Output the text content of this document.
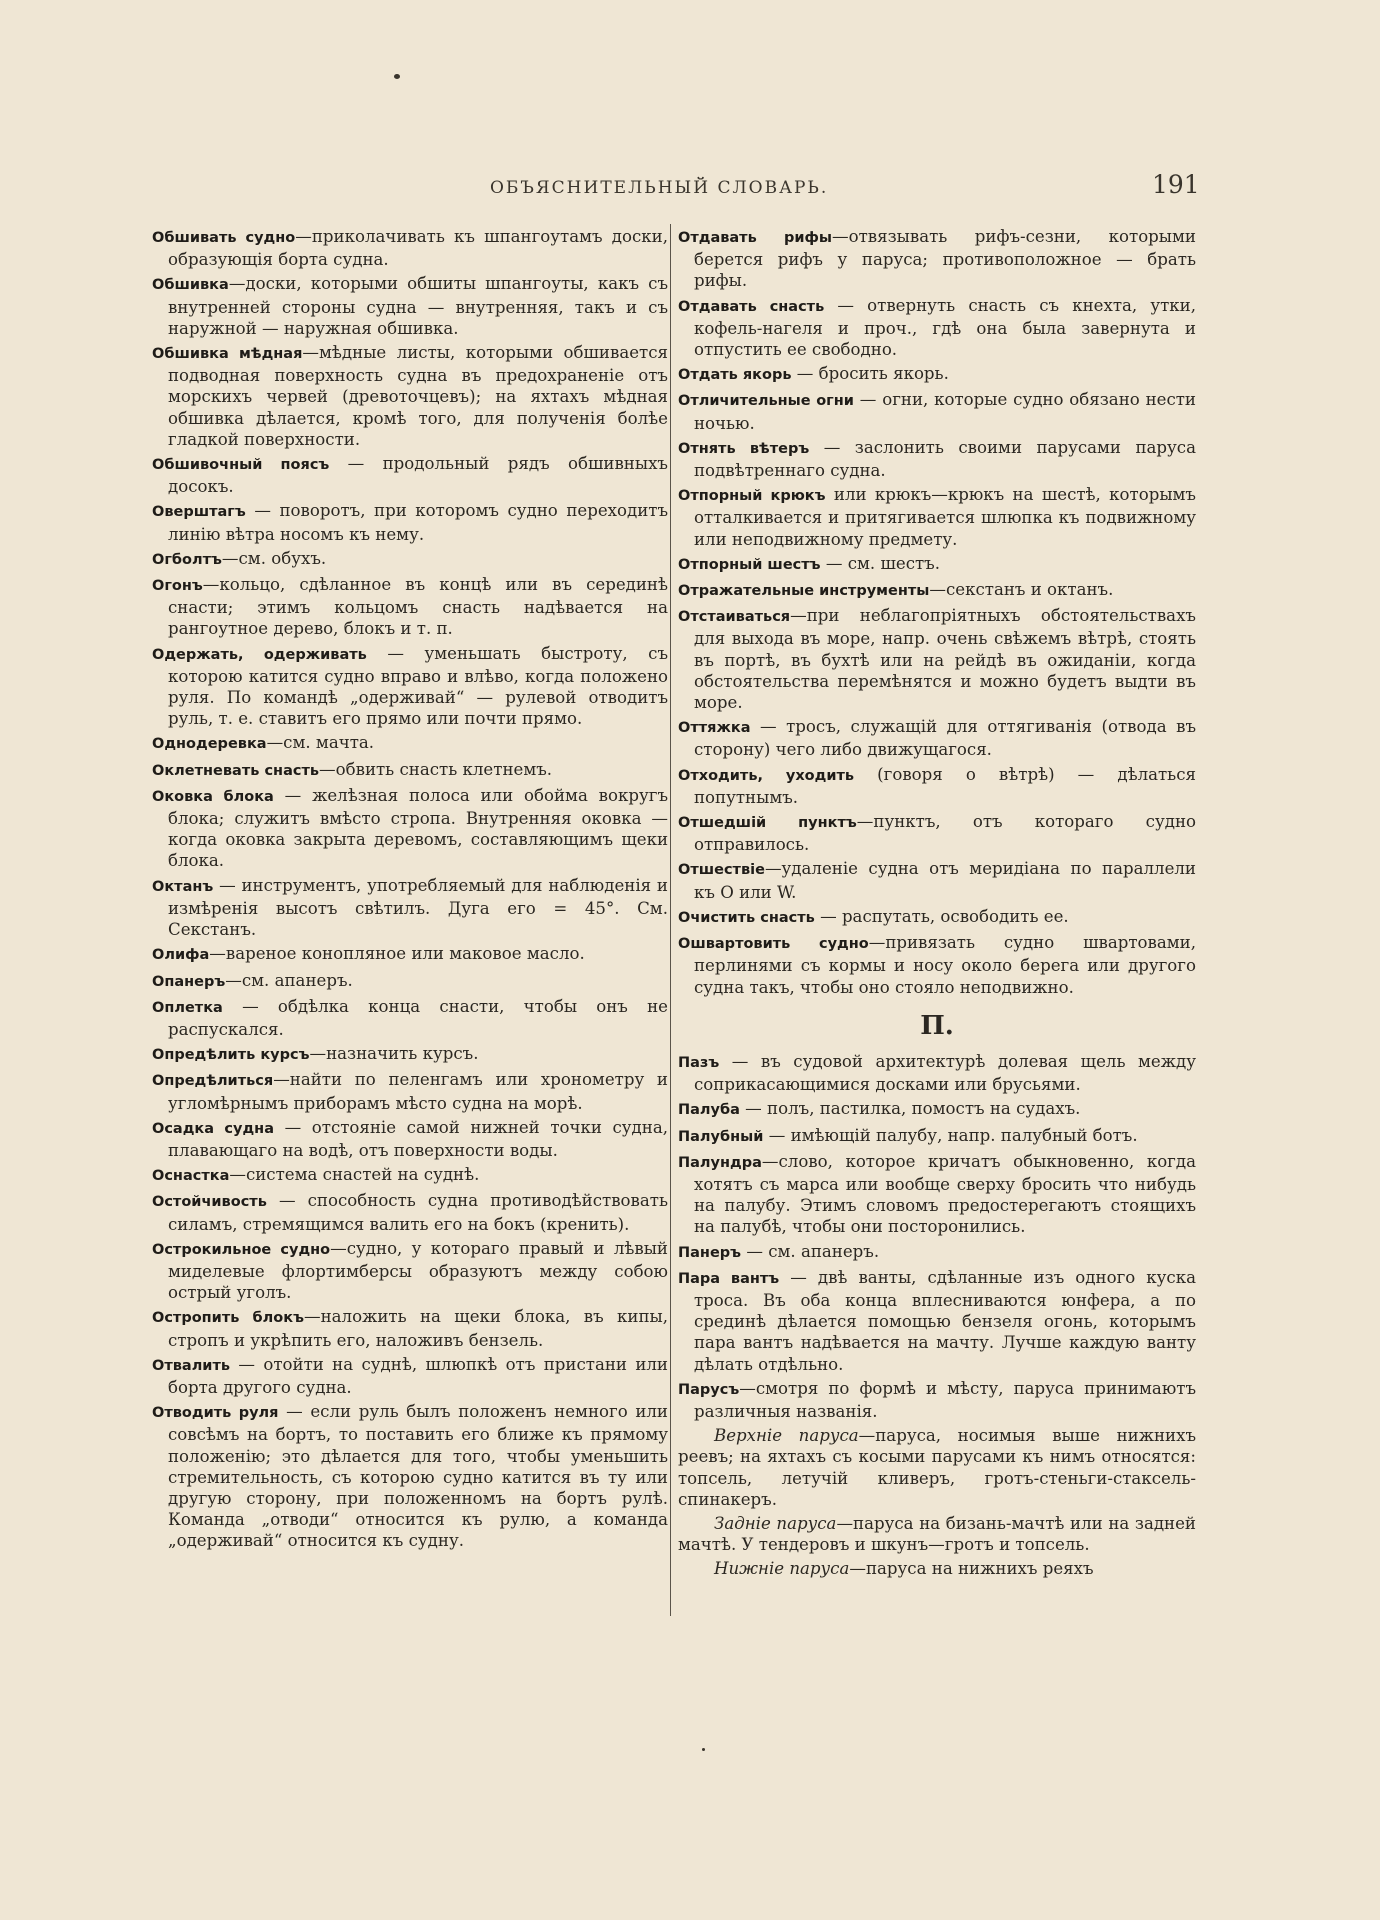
ОБЪЯСНИТЕЛЬНЫЙ СЛОВАРЬ.	191

Обшивать судно—приколачивать къ шпангоутамъ доски, образующія борта судна.

Обшивка—доски, которыми обшиты шпангоуты, какъ съ внутренней стороны судна — внутренняя, такъ и съ наружной — наружная обшивка.

Обшивка мѣдная—мѣдные листы, которыми обшивается подводная поверхность судна въ предохраненіе отъ морскихъ червей (древоточцевъ); на яхтахъ мѣдная обшивка дѣлается, кромѣ того, для полученія болѣе гладкой поверхности.

Обшивочный поясъ — продольный рядъ обшивныхъ досокъ.

Оверштагъ — поворотъ, при которомъ судно переходитъ линію вѣтра носомъ къ нему.

Огболтъ—см. обухъ.

Огонъ—кольцо, сдѣланное въ концѣ или въ серединѣ снасти; этимъ кольцомъ снасть надѣвается на рангоутное дерево, блокъ и т. п.

Одержать, одерживать — уменьшать быстроту, съ которою катится судно вправо и влѣво, когда положено руля. По командѣ „одерживай“ — рулевой отводитъ руль, т. е. ставитъ его прямо или почти прямо.

Однодеревка—см. мачта.

Оклетневать снасть—обвить снасть клетнемъ.

Оковка блока — желѣзная полоса или обойма вокругъ блока; служитъ вмѣсто стропа. Внутренняя оковка — когда оковка закрыта деревомъ, составляющимъ щеки блока.

Октанъ — инструментъ, употребляемый для наблюденія и измѣренія высотъ свѣтилъ. Дуга его = 45°. См. Секстанъ.

Олифа—вареное конопляное или маковое масло.

Опанеръ—см. апанеръ.

Оплетка — обдѣлка конца снасти, чтобы онъ не распускался.

Опредѣлить курсъ—назначить курсъ.

Опредѣлиться—найти по пеленгамъ или хронометру и угломѣрнымъ приборамъ мѣсто судна на морѣ.

Осадка судна — отстояніе самой нижней точки судна, плавающаго на водѣ, отъ поверхности воды.

Оснастка—система снастей на суднѣ.

Остойчивость — способность судна противодѣйствовать силамъ, стремящимся валить его на бокъ (кренить).

Острокильное судно—судно, у котораго правый и лѣвый миделевые флортимберсы образуютъ между собою острый уголъ.

Остропить блокъ—наложить на щеки блока, въ кипы, стропъ и укрѣпить его, наложивъ бензель.

Отвалить — отойти на суднѣ, шлюпкѣ отъ пристани или борта другого судна.

Отводить руля — если руль былъ положенъ немного или совсѣмъ на бортъ, то поставить его ближе къ прямому положенію; это дѣлается для того, чтобы уменьшить стремительность, съ которою судно катится въ ту или другую сторону, при положенномъ на бортъ рулѣ. Команда „отводи“ относится къ рулю, а команда „одерживай“ относится къ судну.

Отдавать рифы—отвязывать рифъ-сезни, которыми берется рифъ у паруса; противоположное — брать рифы.

Отдавать снасть — отвернуть снасть съ кнехта, утки, кофель-нагеля и проч., гдѣ она была завернута и отпустить ее свободно.

Отдать якорь — бросить якорь.

Отличительные огни — огни, которые судно обязано нести ночью.

Отнять вѣтеръ — заслонить своими парусами паруса подвѣтреннаго судна.

Отпорный крюкъ или крюкъ—крюкъ на шестѣ, которымъ отталкивается и притягивается шлюпка къ подвижному или неподвижному предмету.

Отпорный шестъ — см. шестъ.

Отражательные инструменты—секстанъ и октанъ.

Отстаиваться—при неблагопріятныхъ обстоятельствахъ для выхода въ море, напр. очень свѣжемъ вѣтрѣ, стоять въ портѣ, въ бухтѣ или на рейдѣ въ ожиданіи, когда обстоятельства перемѣнятся и можно будетъ выдти въ море.

Оттяжка — тросъ, служащій для оттягиванія (отвода въ сторону) чего либо движущагося.

Отходить, уходить (говоря о вѣтрѣ) — дѣлаться попутнымъ.

Отшедшій пунктъ—пунктъ, отъ котораго судно отправилось.

Отшествіе—удаленіе судна отъ меридіана по параллели къ O или W.

Очистить снасть — распутать, освободить ее.

Ошвартовить судно—привязать судно швартовами, перлинями съ кормы и носу около берега или другого судна такъ, чтобы оно стояло неподвижно.

П.

Пазъ — въ судовой архитектурѣ долевая щель между соприкасающимися досками или брусьями.

Палуба — полъ, пастилка, помостъ на судахъ.

Палубный — имѣющій палубу, напр. палубный ботъ.

Палундра—слово, которое кричатъ обыкновенно, когда хотятъ съ марса или вообще сверху бросить что нибудь на палубу. Этимъ словомъ предостерегаютъ стоящихъ на палубѣ, чтобы они посторонились.

Панеръ — см. апанеръ.

Пара вантъ — двѣ ванты, сдѣланные изъ одного куска троса. Въ оба конца вплесниваются юнфера, а по срединѣ дѣлается помощью бензеля огонь, которымъ пара вантъ надѣвается на мачту. Лучше каждую ванту дѣлать отдѣльно.

Парусъ—смотря по формѣ и мѣсту, паруса принимаютъ различныя названія.

Верхніе паруса—паруса, носимыя выше нижнихъ реевъ; на яхтахъ съ косыми парусами къ нимъ относятся: топсель, летучій кливеръ, гротъ-стеньги-стаксель-спинакеръ.

Задніе паруса—паруса на бизань-мачтѣ или на задней мачтѣ. У тендеровъ и шкунъ—гротъ и топсель.

Нижніе паруса—паруса на нижнихъ реяхъ
